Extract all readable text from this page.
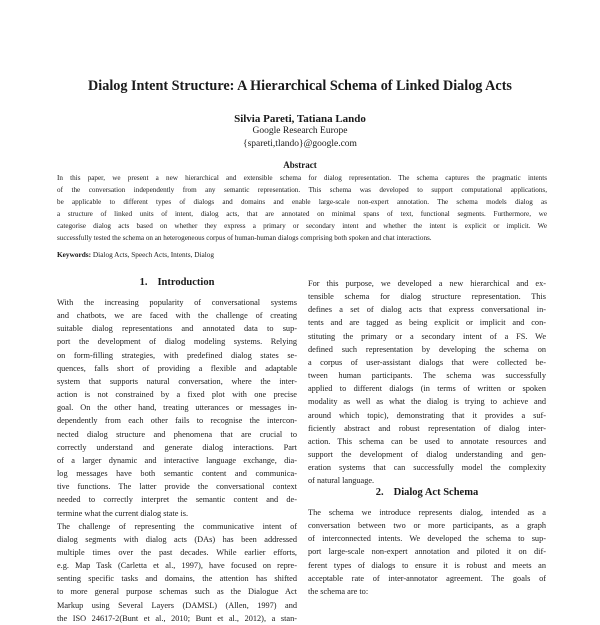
Dialog Intent Structure: A Hierarchical Schema of Linked Dialog Acts
Silvia Pareti, Tatiana Lando
Google Research Europe
{spareti,tlando}@google.com
Abstract
In this paper, we present a new hierarchical and extensible schema for dialog representation. The schema captures the pragmatic intents
of the conversation independently from any semantic representation. This schema was developed to support computational applications,
be applicable to different types of dialogs and domains and enable large-scale non-expert annotation. The schema models dialog as
a structure of linked units of intent, dialog acts, that are annotated on minimal spans of text, functional segments. Furthermore, we
categorise dialog acts based on whether they express a primary or secondary intent and whether the intent is explicit or implicit. We
successfully tested the schema on an heterogeneous corpus of human-human dialogs comprising both spoken and chat interactions.
Keywords: Dialog Acts, Speech Acts, Intents, Dialog
1. Introduction
With the increasing popularity of conversational systems
and chatbots, we are faced with the challenge of creating
suitable dialog representations and annotated data to sup-
port the development of dialog modeling systems. Relying
on form-filling strategies, with predefined dialog states se-
quences, falls short of providing a flexible and adaptable
system that supports natural conversation, where the inter-
action is not constrained by a fixed plot with one precise
goal. On the other hand, treating utterances or messages in-
dependently from each other fails to recognise the intercon-
nected dialog structure and phenomena that are crucial to
correctly understand and generate dialog interactions. Part
of a larger dynamic and interactive language exchange, dia-
log messages have both semantic content and communica-
tive functions. The latter provide the conversational context
needed to correctly interpret the semantic content and de-
termine what the current dialog state is.
The challenge of representing the communicative intent of
dialog segments with dialog acts (DAs) has been addressed
multiple times over the past decades. While earlier efforts,
e.g. Map Task (Carletta et al., 1997), have focused on repre-
senting specific tasks and domains, the attention has shifted
to more general purpose schemas such as the Dialogue Act
Markup using Several Layers (DAMSL) (Allen, 1997) and
the ISO 24617-2(Bunt et al., 2010; Bunt et al., 2012), a stan-
For this purpose, we developed a new hierarchical and ex-
tensible schema for dialog structure representation. This
defines a set of dialog acts that express conversational in-
tents and are tagged as being explicit or implicit and con-
stituting the primary or a secondary intent of a FS. We
defined such representation by developing the schema on
a corpus of user-assistant dialogs that were collected be-
tween human participants. The schema was successfully
applied to different dialogs (in terms of written or spoken
modality as well as what the dialog is trying to achieve and
around which topic), demonstrating that it provides a suf-
ficiently abstract and robust representation of dialog inter-
action. This schema can be used to annotate resources and
support the development of dialog understanding and gen-
eration systems that can successfully model the complexity
of natural language.
2. Dialog Act Schema
The schema we introduce represents dialog, intended as a
conversation between two or more participants, as a graph
of interconnected intents. We developed the schema to sup-
port large-scale non-expert annotation and piloted it on dif-
ferent types of dialogs to ensure it is robust and meets an
acceptable rate of inter-annotator agreement. The goals of
the schema are to:
